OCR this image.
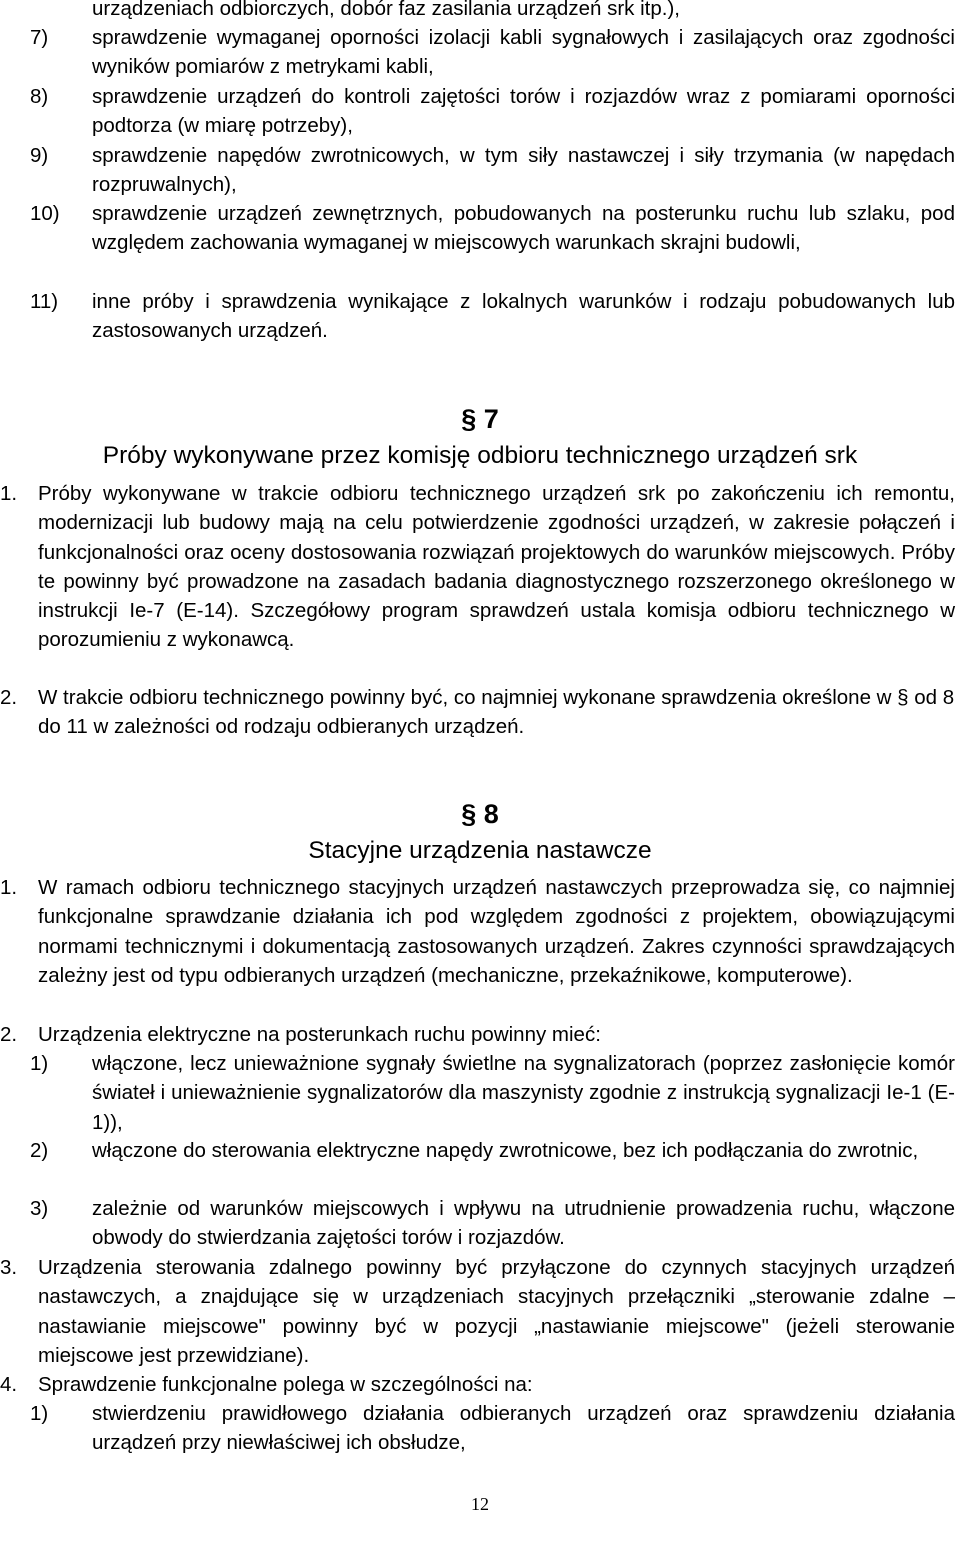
urządzeniach odbiorczych, dobór faz zasilania urządzeń srk itp.),
7) sprawdzenie wymaganej oporności izolacji kabli sygnałowych i zasilających oraz zgodności wyników pomiarów z metrykami kabli,
8) sprawdzenie urządzeń do kontroli zajętości torów i rozjazdów wraz z pomiarami oporności podtorza (w miarę potrzeby),
9) sprawdzenie napędów zwrotnicowych, w tym siły nastawczej i siły trzymania (w napędach rozpruwalnych),
10) sprawdzenie urządzeń zewnętrznych, pobudowanych na posterunku ruchu lub szlaku, pod względem zachowania wymaganej w miejscowych warunkach skrajni budowli,
11) inne próby i sprawdzenia wynikające z lokalnych warunków i rodzaju pobudowanych lub zastosowanych urządzeń.
§ 7
Próby wykonywane przez komisję odbioru technicznego urządzeń srk
1. Próby wykonywane w trakcie odbioru technicznego urządzeń srk po zakończeniu ich remontu, modernizacji lub budowy mają na celu potwierdzenie zgodności urządzeń, w zakresie połączeń i funkcjonalności oraz oceny dostosowania rozwiązań projektowych do warunków miejscowych. Próby te powinny być prowadzone na zasadach badania diagnostycznego rozszerzonego określonego w instrukcji Ie-7 (E-14). Szczegółowy program sprawdzeń ustala komisja odbioru technicznego w porozumieniu z wykonawcą.
2. W trakcie odbioru technicznego powinny być, co najmniej wykonane sprawdzenia określone w § od 8 do 11 w zależności od rodzaju odbieranych urządzeń.
§ 8
Stacyjne urządzenia nastawcze
1. W ramach odbioru technicznego stacyjnych urządzeń nastawczych przeprowadza się, co najmniej funkcjonalne sprawdzanie działania ich pod względem zgodności z projektem, obowiązującymi normami technicznymi i dokumentacją zastosowanych urządzeń. Zakres czynności sprawdzających zależny jest od typu odbieranych urządzeń (mechaniczne, przekaźnikowe, komputerowe).
2. Urządzenia elektryczne na posterunkach ruchu powinny mieć:
1) włączone, lecz unieważnione sygnały świetlne na sygnalizatorach (poprzez zasłonięcie komór świateł i unieważnienie sygnalizatorów dla maszynisty zgodnie z instrukcją sygnalizacji Ie-1 (E-1)),
2) włączone do sterowania elektryczne napędy zwrotnicowe, bez ich podłączania do zwrotnic,
3) zależnie od warunków miejscowych i wpływu na utrudnienie prowadzenia ruchu, włączone obwody do stwierdzania zajętości torów i rozjazdów.
3. Urządzenia sterowania zdalnego powinny być przyłączone do czynnych stacyjnych urządzeń nastawczych, a znajdujące się w urządzeniach stacyjnych przełączniki „sterowanie zdalne – nastawianie miejscowe" powinny być w pozycji „nastawianie miejscowe" (jeżeli sterowanie miejscowe jest przewidziane).
4. Sprawdzenie funkcjonalne polega w szczególności na:
1) stwierdzeniu prawidłowego działania odbieranych urządzeń oraz sprawdzeniu działania urządzeń przy niewłaściwej ich obsłudze,
12
